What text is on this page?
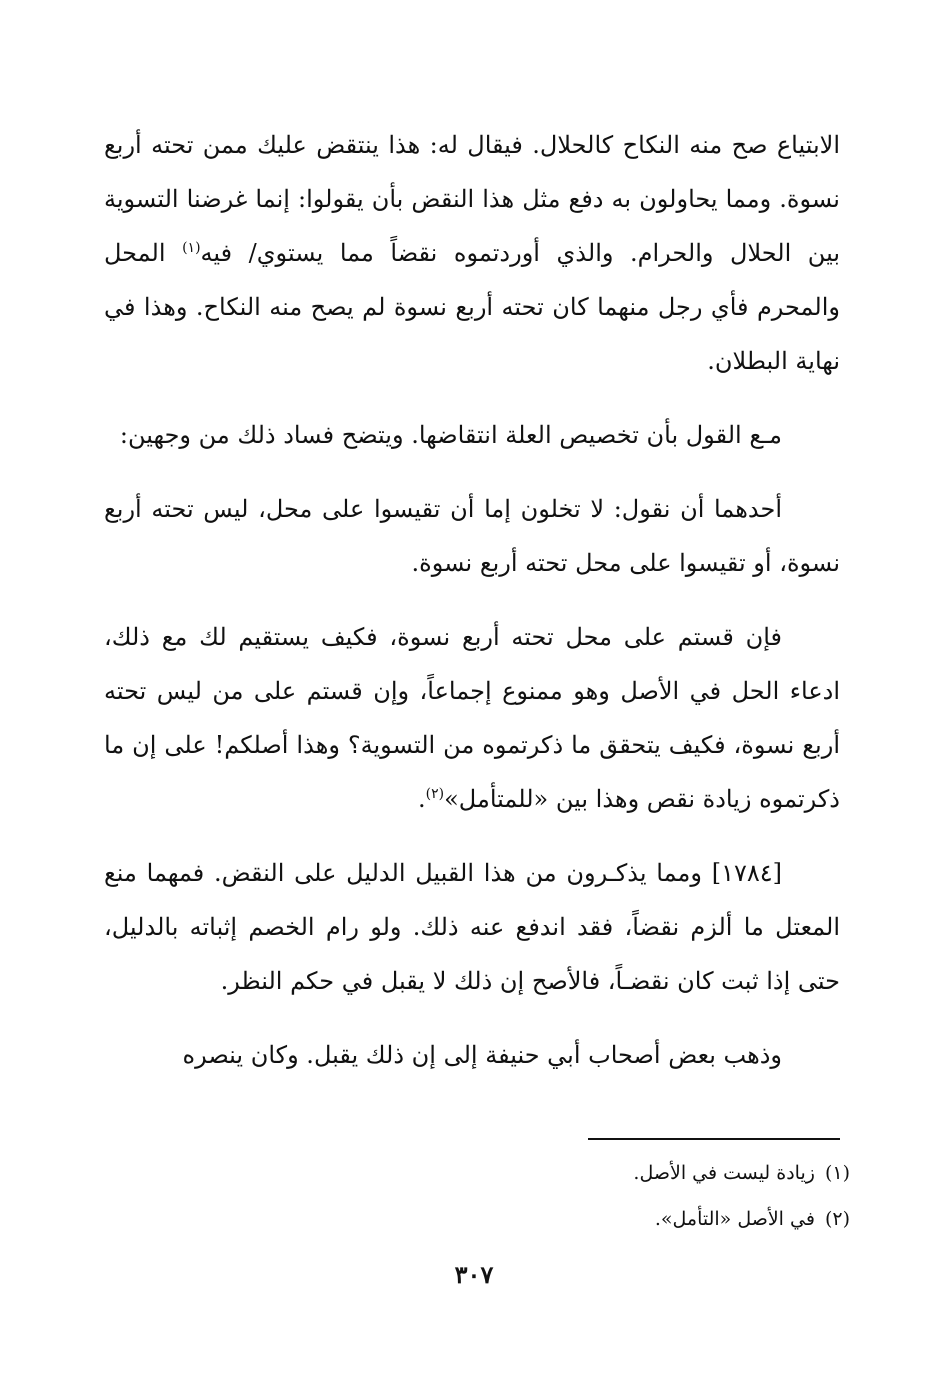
الابتياع صح منه النكاح كالحلال. فيقال له: هذا ينتقض عليك ممن تحته أربع نسوة. ومما يحاولون به دفع مثل هذا النقض بأن يقولوا: إنما غرضنا التسوية بين الحلال والحرام. والذي أوردتموه نقضاً مما يستوي/ فيه$^{(١)}$ المحل والمحرم فأي رجل منهما كان تحته أربع نسوة لم يصح منه النكاح. وهذا في نهاية البطلان.

مـع القول بأن تخصيص العلة انتقاضها. ويتضح فساد ذلك من وجهين:

أحدهما أن نقول: لا تخلون إما أن تقيسوا على محل، ليس تحته أربع نسوة، أو تقيسوا على محل تحته أربع نسوة.

فإن قستم على محل تحته أربع نسوة، فكيف يستقيم لك مع ذلك، ادعاء الحل في الأصل وهو ممنوع إجماعاً، وإن قستم على من ليس تحته أربع نسوة، فكيف يتحقق ما ذكرتموه من التسوية؟ وهذا أصلكم! على إن ما ذكرتموه زيادة نقص وهذا بين «للمتأمل»$^{(٢)}$.

[١٧٨٤] ومما يذكـرون من هذا القبيل الدليل على النقض. فمهما منع المعتل ما ألزم نقضاً، فقد اندفع عنه ذلك. ولو رام الخصم إثباته بالدليل، حتى إذا ثبت كان نقضـاً، فالأصح إن ذلك لا يقبل في حكم النظر.

وذهب بعض أصحاب أبي حنيفة إلى إن ذلك يقبل. وكان ينصره

(١)زيادة ليست في الأصل.

(٢)في الأصل «التأمل».

٣٠٧
